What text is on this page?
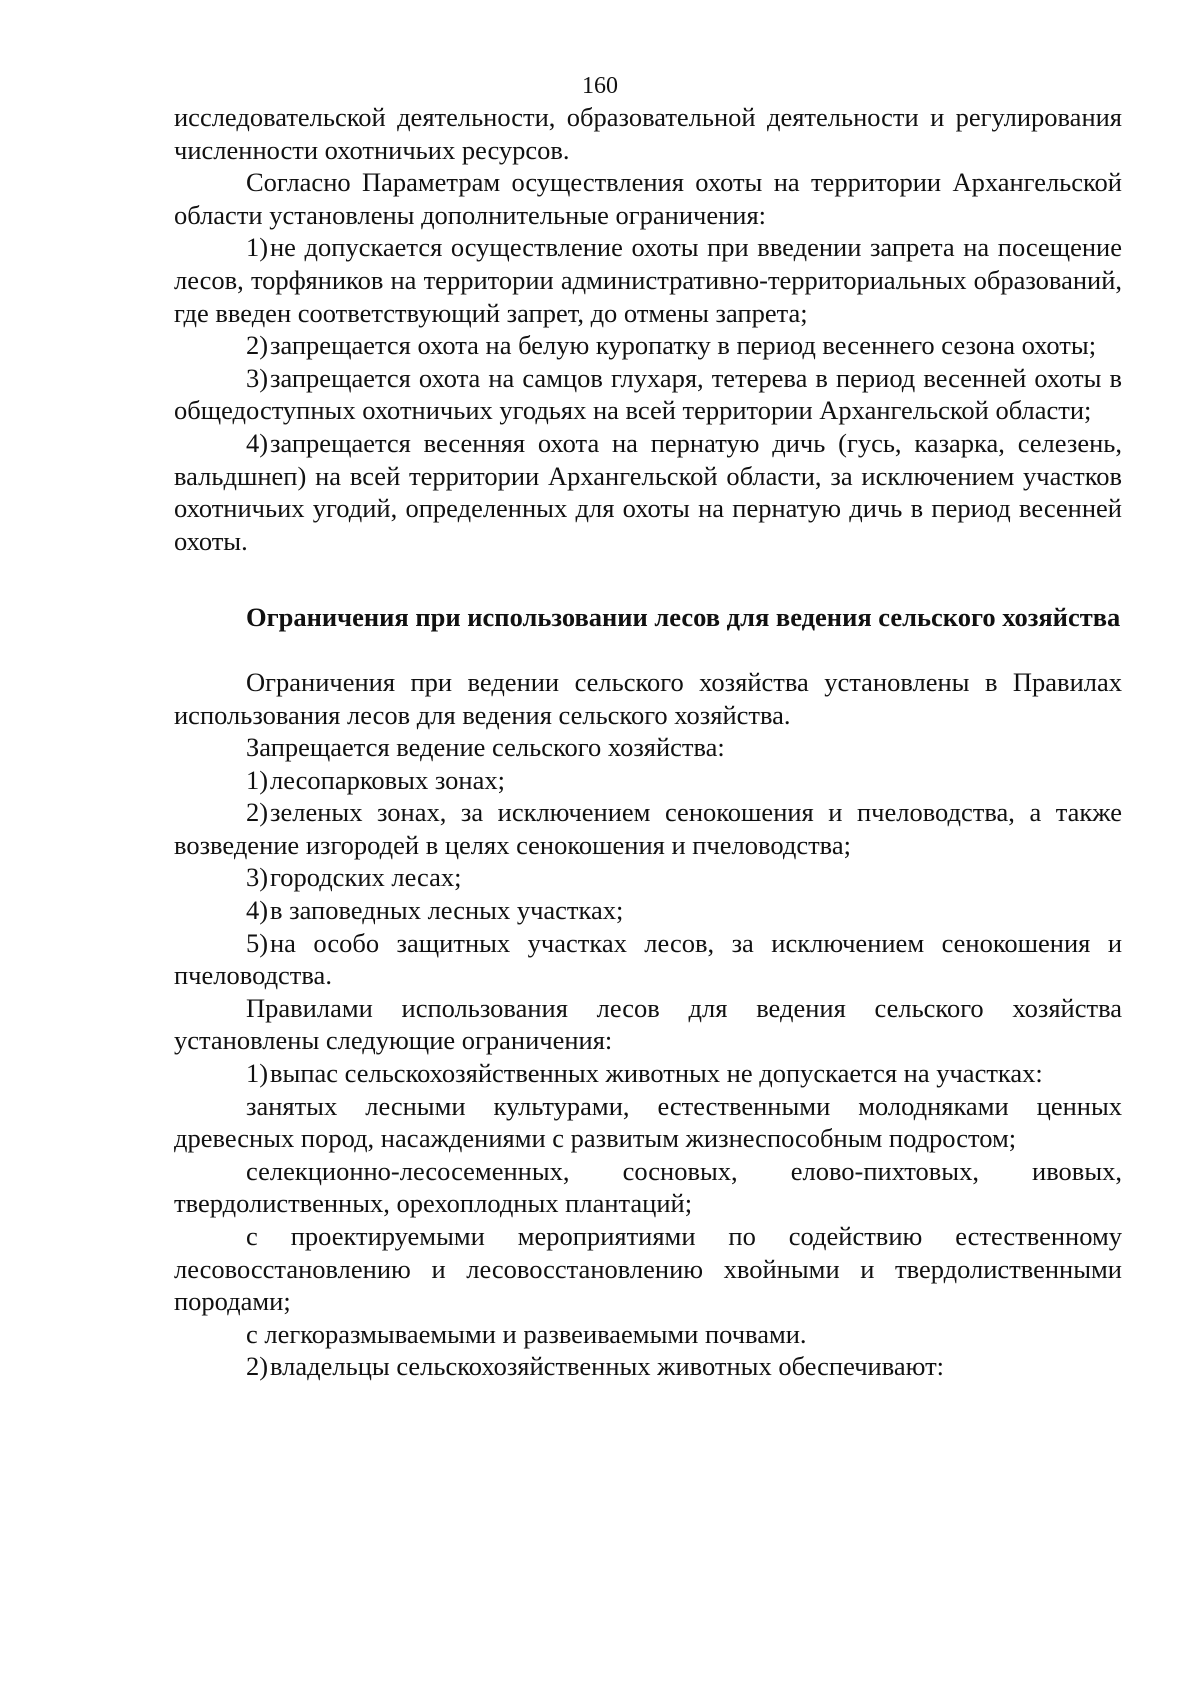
160

исследовательской деятельности, образовательной деятельности и регулирования численности охотничьих ресурсов.

Согласно Параметрам осуществления охоты на территории Архангельской области установлены дополнительные ограничения:

1)не допускается осуществление охоты при введении запрета на посещение лесов, торфяников на территории административно-территориальных образований, где введен соответствующий запрет, до отмены запрета;

2)запрещается охота на белую куропатку в период весеннего сезона охоты;

3)запрещается охота на самцов глухаря, тетерева в период весенней охоты в общедоступных охотничьих угодьях на всей территории Архангельской области;

4)запрещается весенняя охота на пернатую дичь (гусь, казарка, селезень, вальдшнеп) на всей территории Архангельской области, за исключением участков охотничьих угодий, определенных для охоты на пернатую дичь в период весенней охоты.

Ограничения при использовании лесов для ведения сельского хозяйства

Ограничения при ведении сельского хозяйства установлены в Правилах использования лесов для ведения сельского хозяйства.

Запрещается ведение сельского хозяйства:

1)лесопарковых зонах;

2)зеленых зонах, за исключением сенокошения и пчеловодства, а также возведение изгородей в целях сенокошения и пчеловодства;

3)городских лесах;

4)в заповедных лесных участках;

5)на особо защитных участках лесов, за исключением сенокошения и пчеловодства.

Правилами использования лесов для ведения сельского хозяйства установлены следующие ограничения:

1)выпас сельскохозяйственных животных не допускается на участках:

занятых лесными культурами, естественными молодняками ценных древесных пород, насаждениями с развитым жизнеспособным подростом;

селекционно-лесосеменных, сосновых, елово-пихтовых, ивовых, твердолиственных, орехоплодных плантаций;

с проектируемыми мероприятиями по содействию естественному лесовосстановлению и лесовосстановлению хвойными и твердолиственными породами;

с легкоразмываемыми и развеиваемыми почвами.

2)владельцы сельскохозяйственных животных обеспечивают:
